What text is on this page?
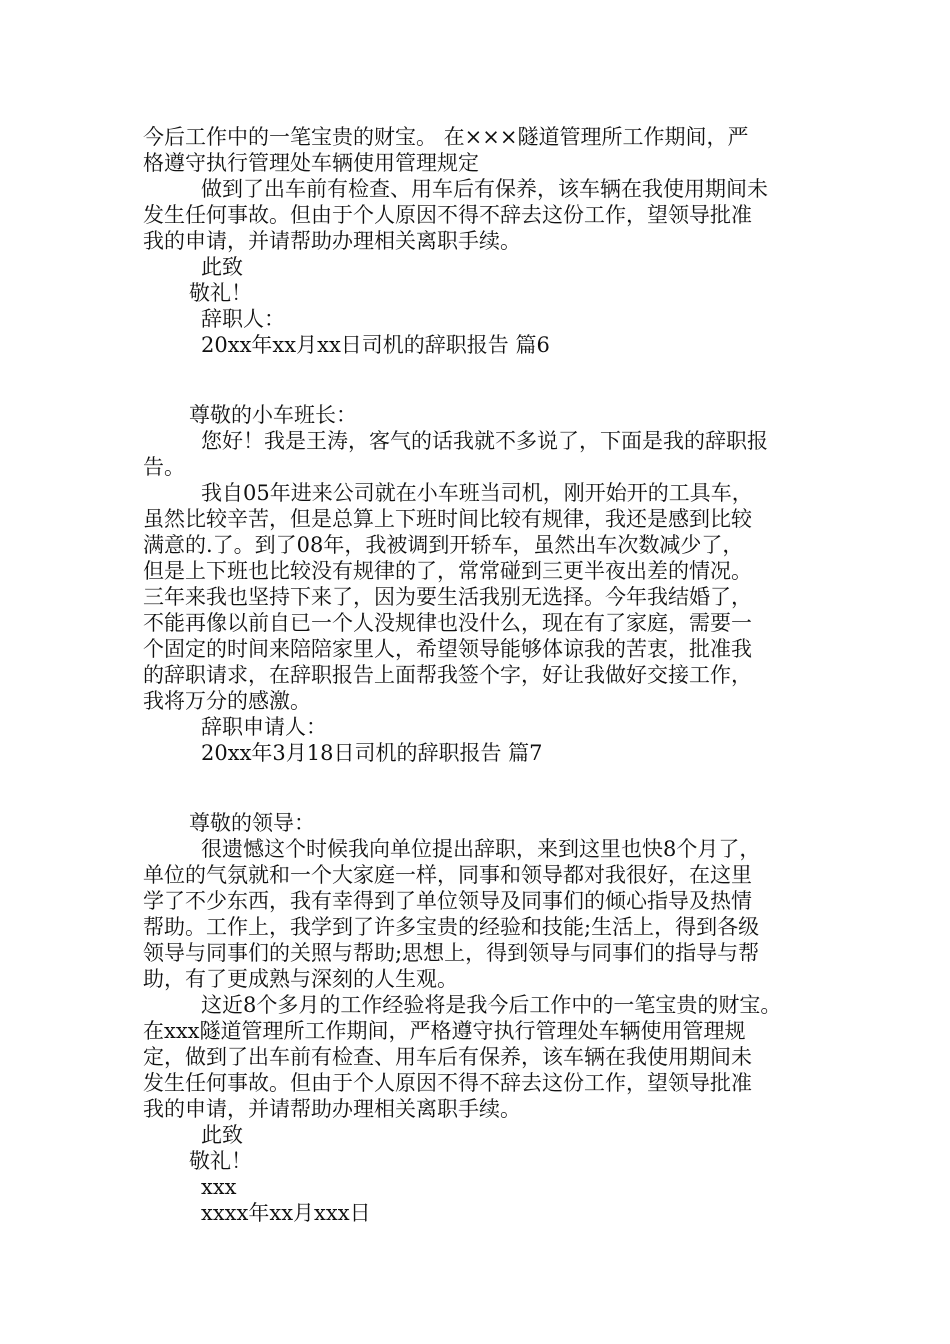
今后工作中的一笔宝贵的财宝。 在×××隧道管理所工作期间，严
格遵守执行管理处车辆使用管理规定
做到了出车前有检查、用车后有保养，该车辆在我使用期间未
发生任何事故。但由于个人原因不得不辞去这份工作，望领导批准
我的申请，并请帮助办理相关离职手续。
此致
敬礼！
辞职人：
20xx年xx月xx日司机的辞职报告 篇6
尊敬的小车班长：
您好！我是王涛，客气的话我就不多说了，下面是我的辞职报
告。
我自05年进来公司就在小车班当司机，刚开始开的工具车，
虽然比较辛苦，但是总算上下班时间比较有规律，我还是感到比较
满意的.了。到了08年，我被调到开轿车，虽然出车次数减少了，
但是上下班也比较没有规律的了，常常碰到三更半夜出差的情况。
三年来我也坚持下来了，因为要生活我别无选择。今年我结婚了，
不能再像以前自已一个人没规律也没什么，现在有了家庭，需要一
个固定的时间来陪陪家里人，希望领导能够体谅我的苦衷，批准我
的辞职请求，在辞职报告上面帮我签个字，好让我做好交接工作，
我将万分的感激。
辞职申请人：
20xx年3月18日司机的辞职报告 篇7
尊敬的领导：
很遗憾这个时候我向单位提出辞职，来到这里也快8个月了，
单位的气氛就和一个大家庭一样，同事和领导都对我很好，在这里
学了不少东西，我有幸得到了单位领导及同事们的倾心指导及热情
帮助。工作上，我学到了许多宝贵的经验和技能;生活上，得到各级
领导与同事们的关照与帮助;思想上，得到领导与同事们的指导与帮
助，有了更成熟与深刻的人生观。
这近8个多月的工作经验将是我今后工作中的一笔宝贵的财宝。
在xxx隧道管理所工作期间，严格遵守执行管理处车辆使用管理规
定，做到了出车前有检查、用车后有保养，该车辆在我使用期间未
发生任何事故。但由于个人原因不得不辞去这份工作，望领导批准
我的申请，并请帮助办理相关离职手续。
此致
敬礼！
xxx
xxxx年xx月xxx日
